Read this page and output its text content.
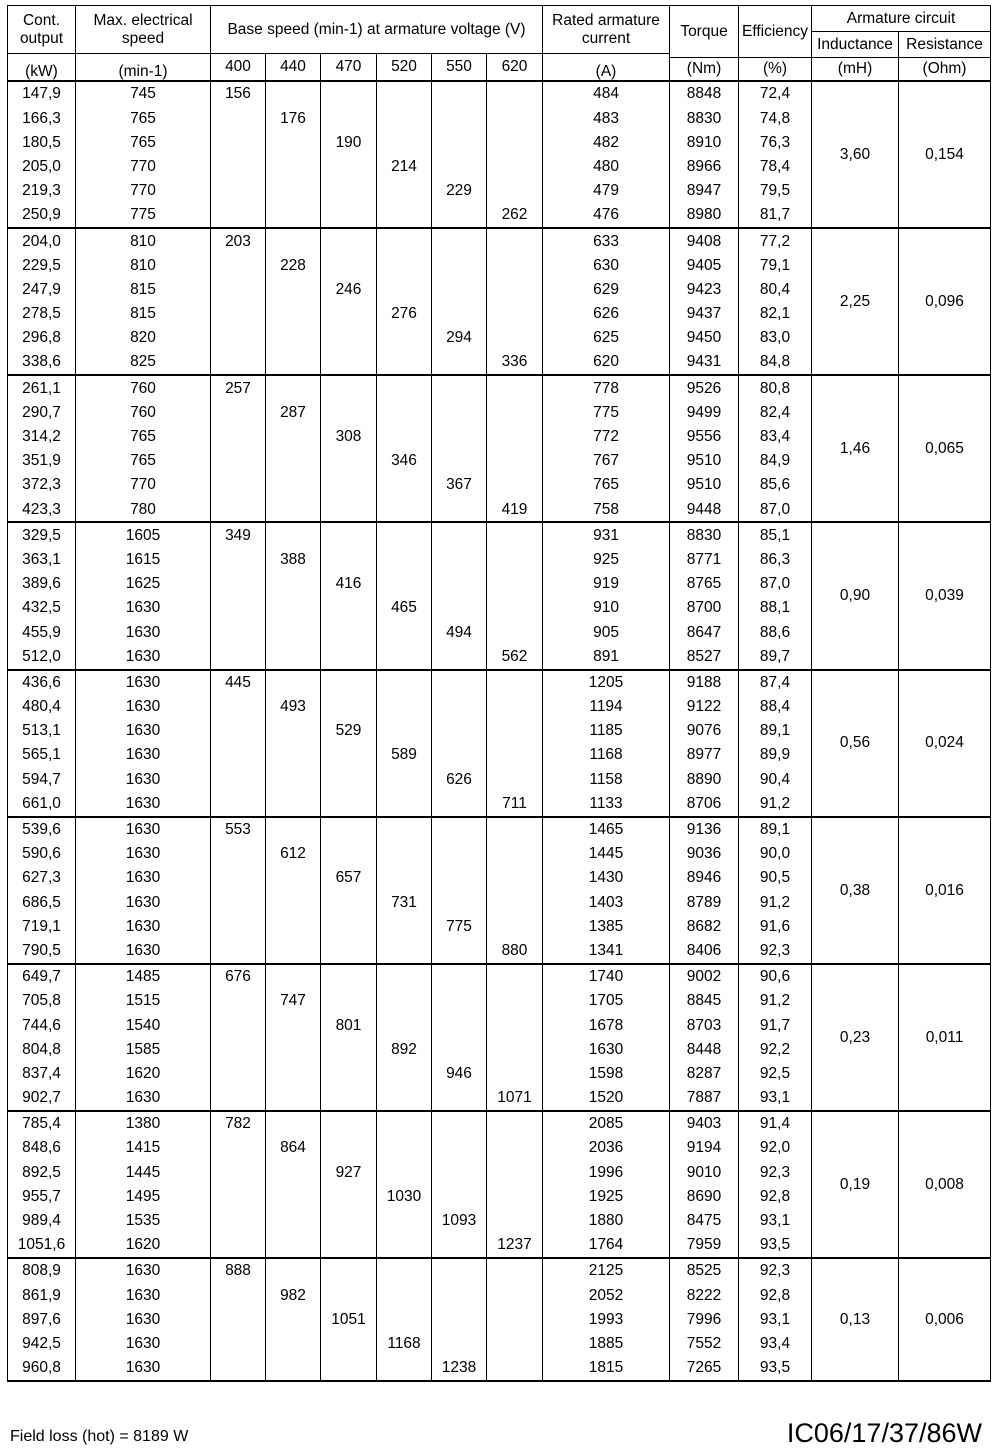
Cont. output	Max. electrical speed	Base speed (min-1) at armature voltage (V)						Rated armature current	Torque	Efficiency	Armature circuit	
											Inductance	Resistance
(kW)	(min-1)	400	440	470	520	550	620	(A)				
									(Nm)	(%)	(mH)	(Ohm)
147,9	745	156						484	8848	72,4	3,60	0,154
166,3	765		176					483	8830	74,8		
180,5	765			190				482	8910	76,3		
205,0	770				214			480	8966	78,4		
219,3	770					229		479	8947	79,5		
250,9	775						262	476	8980	81,7		
204,0	810	203						633	9408	77,2	2,25	0,096
229,5	810		228					630	9405	79,1		
247,9	815			246				629	9423	80,4		
278,5	815				276			626	9437	82,1		
296,8	820					294		625	9450	83,0		
338,6	825						336	620	9431	84,8		
261,1	760	257						778	9526	80,8	1,46	0,065
290,7	760		287					775	9499	82,4		
314,2	765			308				772	9556	83,4		
351,9	765				346			767	9510	84,9		
372,3	770					367		765	9510	85,6		
423,3	780						419	758	9448	87,0		
329,5	1605	349						931	8830	85,1	0,90	0,039
363,1	1615		388					925	8771	86,3		
389,6	1625			416				919	8765	87,0		
432,5	1630				465			910	8700	88,1		
455,9	1630					494		905	8647	88,6		
512,0	1630						562	891	8527	89,7		
436,6	1630	445						1205	9188	87,4	0,56	0,024
480,4	1630		493					1194	9122	88,4		
513,1	1630			529				1185	9076	89,1		
565,1	1630				589			1168	8977	89,9		
594,7	1630					626		1158	8890	90,4		
661,0	1630						711	1133	8706	91,2		
539,6	1630	553						1465	9136	89,1	0,38	0,016
590,6	1630		612					1445	9036	90,0		
627,3	1630			657				1430	8946	90,5		
686,5	1630				731			1403	8789	91,2		
719,1	1630					775		1385	8682	91,6		
790,5	1630						880	1341	8406	92,3		
649,7	1485	676						1740	9002	90,6	0,23	0,011
705,8	1515		747					1705	8845	91,2		
744,6	1540			801				1678	8703	91,7		
804,8	1585				892			1630	8448	92,2		
837,4	1620					946		1598	8287	92,5		
902,7	1630						1071	1520	7887	93,1		
785,4	1380	782						2085	9403	91,4	0,19	0,008
848,6	1415		864					2036	9194	92,0		
892,5	1445			927				1996	9010	92,3		
955,7	1495				1030			1925	8690	92,8		
989,4	1535					1093		1880	8475	93,1		
1051,6	1620						1237	1764	7959	93,5		
808,9	1630	888						2125	8525	92,3	0,13	0,006
861,9	1630		982					2052	8222	92,8		
897,6	1630			1051				1993	7996	93,1		
942,5	1630				1168			1885	7552	93,4		
960,8	1630					1238		1815	7265	93,5		
Field loss (hot) = 8189 W	IC06/17/37/86W
